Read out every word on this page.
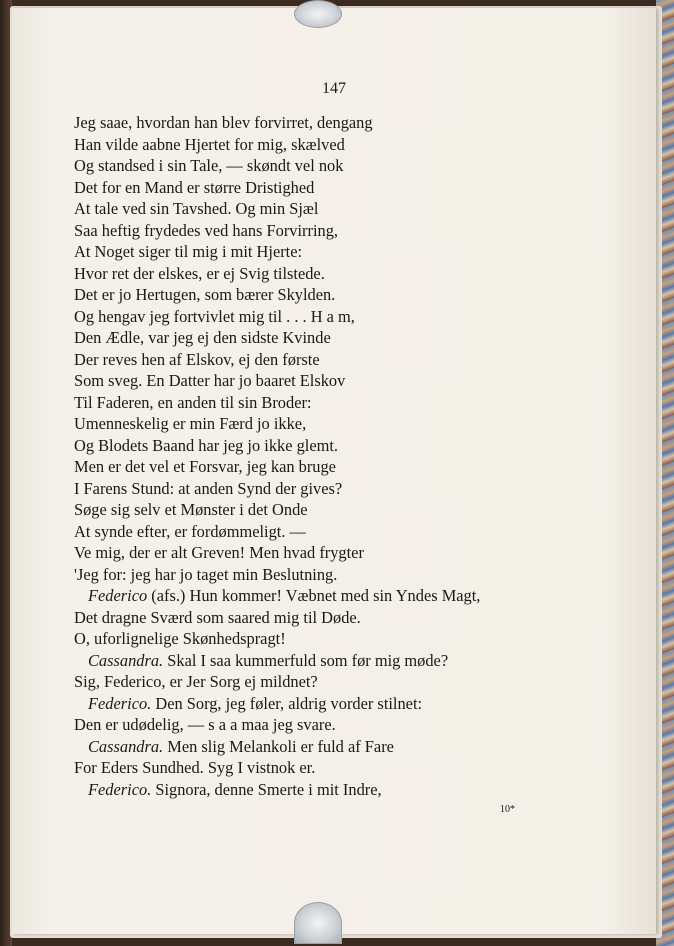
147
Jeg saae, hvordan han blev forvirret, dengang
Han vilde aabne Hjertet for mig, skælved
Og standsed i sin Tale, — skøndt vel nok
Det for en Mand er større Dristighed
At tale ved sin Tavshed. Og min Sjæl
Saa heftig frydedes ved hans Forvirring,
At Noget siger til mig i mit Hjerte:
Hvor ret der elskes, er ej Svig tilstede.
Det er jo Hertugen, som bærer Skylden.
Og hengav jeg fortvivlet mig til . . . H a m,
Den Ædle, var jeg ej den sidste Kvinde
Der reves hen af Elskov, ej den første
Som sveg. En Datter har jo baaret Elskov
Til Faderen, en anden til sin Broder:
Umenneskelig er min Færd jo ikke,
Og Blodets Baand har jeg jo ikke glemt.
Men er det vel et Forsvar, jeg kan bruge
I Farens Stund: at anden Synd der gives?
Søge sig selv et Mønster i det Onde
At synde efter, er fordømmeligt. —
Ve mig, der er alt Greven! Men hvad frygter
'Jeg for: jeg har jo taget min Beslutning.
Federico (afs.) Hun kommer! Væbnet med sin Yndes Magt,
Det dragne Sværd som saared mig til Døde.
O, uforlignelige Skønhedspragt!
Cassandra. Skal I saa kummerfuld som før mig møde?
Sig, Federico, er Jer Sorg ej mildnet?
Federico. Den Sorg, jeg føler, aldrig vorder stilnet:
Den er udødelig, — s a a maa jeg svare.
Cassandra. Men slig Melankoli er fuld af Fare
For Eders Sundhed. Syg I vistnok er.
Federico. Signora, denne Smerte i mit Indre,
10*
